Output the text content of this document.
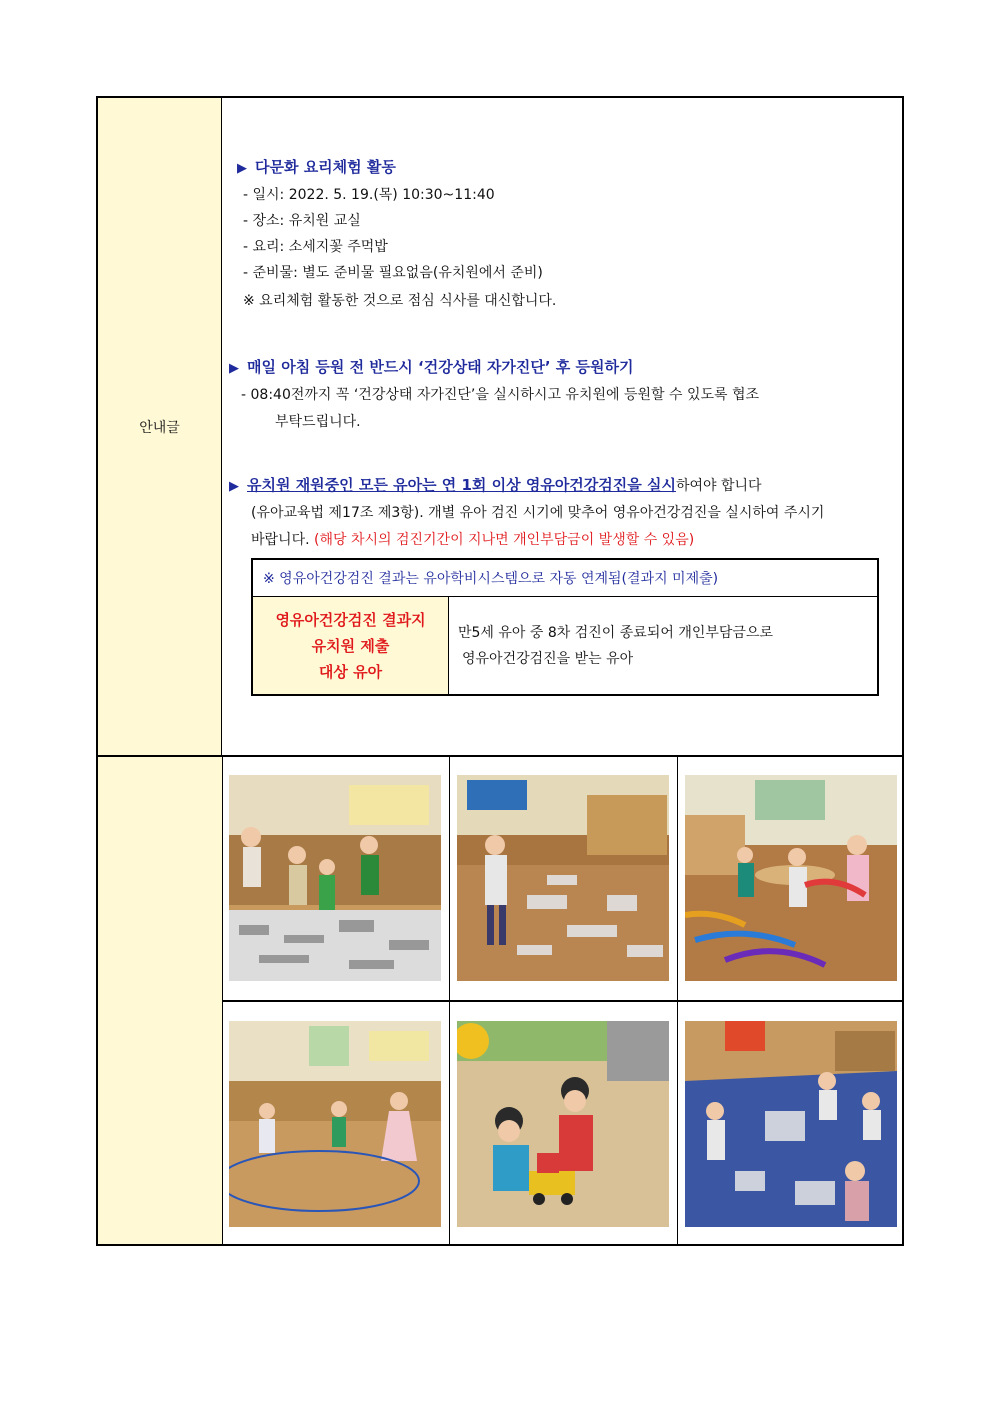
안내글
▶ 다문화 요리체험 활동
- 일시: 2022. 5. 19.(목) 10:30~11:40
- 장소: 유치원 교실
- 요리: 소세지꽃 주먹밥
- 준비물: 별도 준비물 필요없음(유치원에서 준비)
※ 요리체험 활동한 것으로 점심 식사를 대신합니다.
▶ 매일 아침 등원 전 반드시 ‘건강상태 자가진단’ 후 등원하기
- 08:40전까지 꼭 ‘건강상태 자가진단’을 실시하시고 유치원에 등원할 수 있도록 협조
부탁드립니다.
▶ 유치원 재원중인 모든 유아는 연 1회 이상 영유아건강검진을 실시하여야 합니다
(유아교육법 제17조 제3항). 개별 유아 검진 시기에 맞추어 영유아건강검진을 실시하여 주시기
바랍니다. (해당 차시의 검진기간이 지나면 개인부담금이 발생할 수 있음)
※ 영유아건강검진 결과는 유아학비시스템으로 자동 연계됨(결과지 미제출)
영유아건강검진 결과지
유치원 제출
대상 유아
만5세 유아 중 8차 검진이 종료되어 개인부담금으로
영유아건강검진을 받는 유아
